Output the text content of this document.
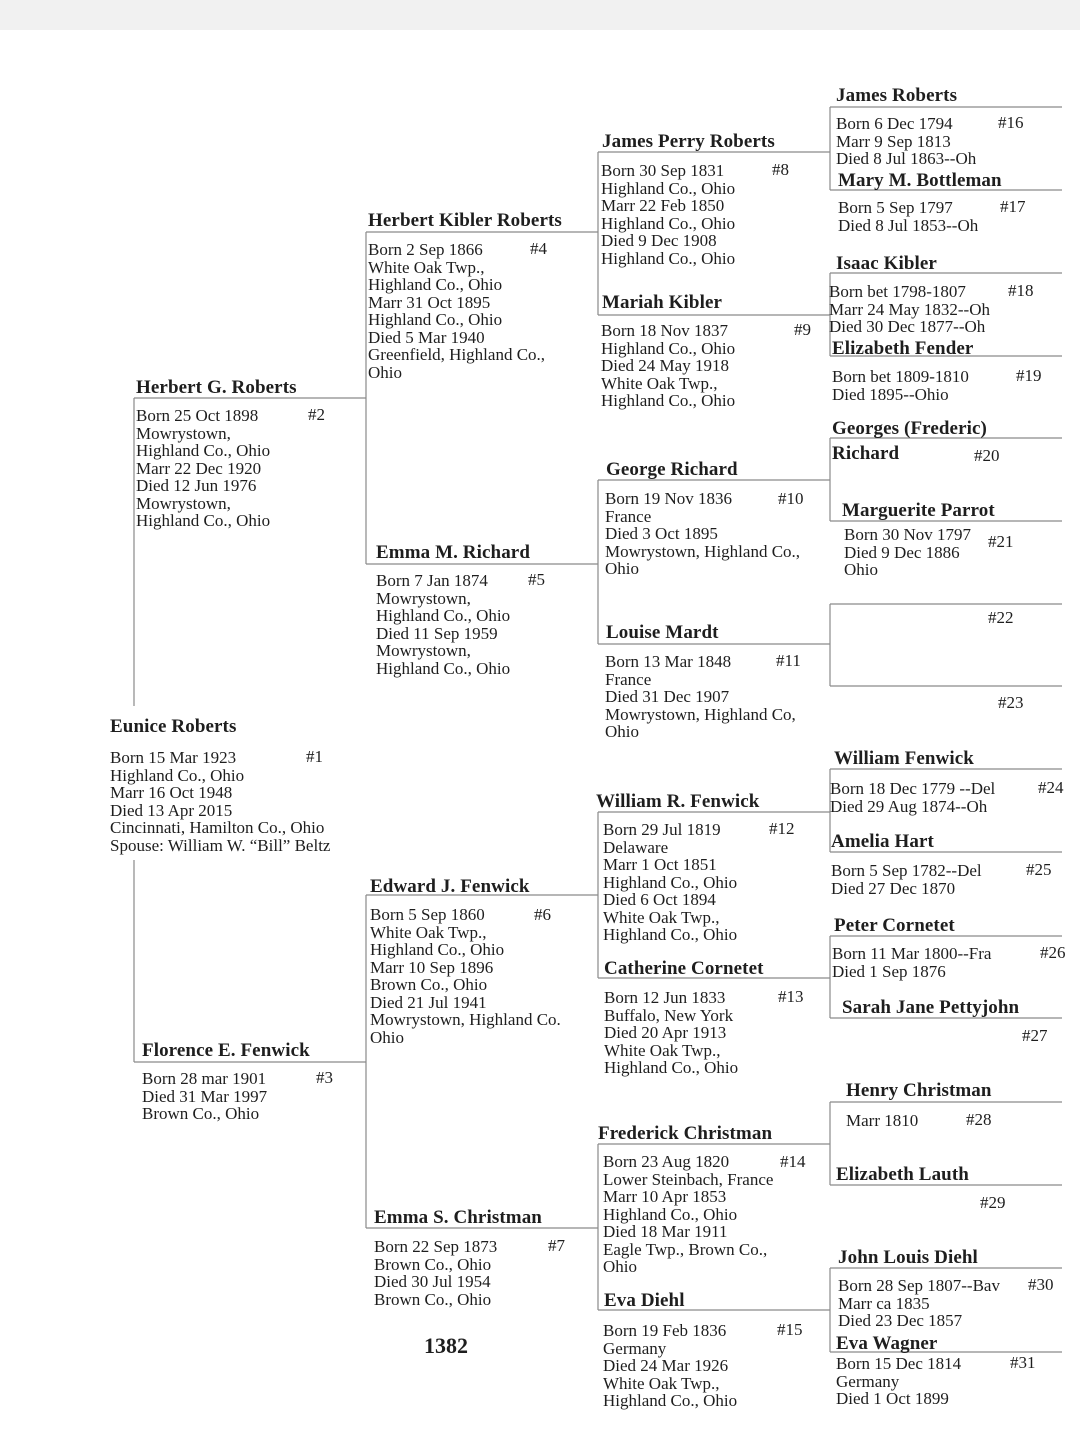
1382
Eunice Roberts
Born 15 Mar 1923
Highland Co., Ohio
Marr 16 Oct 1948
Died 13 Apr 2015
Cincinnati, Hamilton Co., Ohio
Spouse: William W. “Bill” Beltz
#1
Herbert G. Roberts
Born 25 Oct 1898
Mowrystown,
Highland Co., Ohio
Marr 22 Dec 1920
Died 12 Jun 1976
Mowrystown,
Highland Co., Ohio
#2
Florence E. Fenwick
Born 28 mar 1901
Died 31 Mar 1997
Brown Co., Ohio
#3
Herbert Kibler Roberts
Born 2 Sep 1866
White Oak Twp.,
Highland Co., Ohio
Marr 31 Oct 1895
Highland Co., Ohio
Died 5 Mar 1940
Greenfield, Highland Co.,
Ohio
#4
Emma M. Richard
Born 7 Jan 1874
Mowrystown,
Highland Co., Ohio
Died 11 Sep 1959
Mowrystown,
Highland Co., Ohio
#5
Edward J. Fenwick
Born 5 Sep 1860
White Oak Twp.,
Highland Co., Ohio
Marr 10 Sep 1896
Brown Co., Ohio
Died 21 Jul 1941
Mowrystown, Highland Co.
Ohio
#6
Emma S. Christman
Born 22 Sep 1873
Brown Co., Ohio
Died 30 Jul 1954
Brown Co., Ohio
#7
James Perry Roberts
Born 30 Sep 1831
Highland Co., Ohio
Marr 22 Feb 1850
Highland Co., Ohio
Died 9 Dec 1908
Highland Co., Ohio
#8
Mariah Kibler
Born 18 Nov 1837
Highland Co., Ohio
Died 24 May 1918
White Oak Twp.,
Highland Co., Ohio
#9
George Richard
Born 19 Nov 1836
France
Died 3 Oct 1895
Mowrystown, Highland Co.,
Ohio
#10
Louise Mardt
Born 13 Mar 1848
France
Died 31 Dec 1907
Mowrystown, Highland Co,
Ohio
#11
William R. Fenwick
Born 29 Jul 1819
Delaware
Marr 1 Oct 1851
Highland Co., Ohio
Died 6 Oct 1894
White Oak Twp.,
Highland Co., Ohio
#12
Catherine Cornetet
Born 12 Jun 1833
Buffalo, New York
Died 20 Apr 1913
White Oak Twp.,
Highland Co., Ohio
#13
Frederick Christman
Born 23 Aug 1820
Lower Steinbach, France
Marr 10 Apr 1853
Highland Co., Ohio
Died 18 Mar 1911
Eagle Twp., Brown Co.,
Ohio
#14
Eva Diehl
Born 19 Feb 1836
Germany
Died 24 Mar 1926
White Oak Twp.,
Highland Co., Ohio
#15
James Roberts
Born 6 Dec 1794
Marr 9 Sep 1813
Died 8 Jul 1863--Oh
#16
Mary M. Bottleman
Born 5 Sep 1797
Died 8 Jul 1853--Oh
#17
Isaac Kibler
Born bet 1798-1807
Marr 24 May 1832--Oh
Died 30 Dec 1877--Oh
#18
Elizabeth Fender
Born bet 1809-1810
Died 1895--Ohio
#19
Georges (Frederic)
Richard	#20
Marguerite Parrot
Born 30 Nov 1797
Died 9 Dec 1886
Ohio
#21
#22
#23
William Fenwick
Born 18 Dec 1779 --Del
Died 29 Aug 1874--Oh
#24
Amelia Hart
Born 5 Sep 1782--Del
Died 27 Dec 1870
#25
Peter Cornetet
Born 11 Mar 1800--Fra
Died 1 Sep 1876
#26
Sarah Jane Pettyjohn
#27
Henry Christman
Marr 1810	#28
Elizabeth Lauth
#29
John Louis Diehl
Born 28 Sep 1807--Bav
Marr ca 1835
Died 23 Dec 1857
#30
Eva Wagner
Born 15 Dec 1814
Germany
Died 1 Oct 1899
#31
